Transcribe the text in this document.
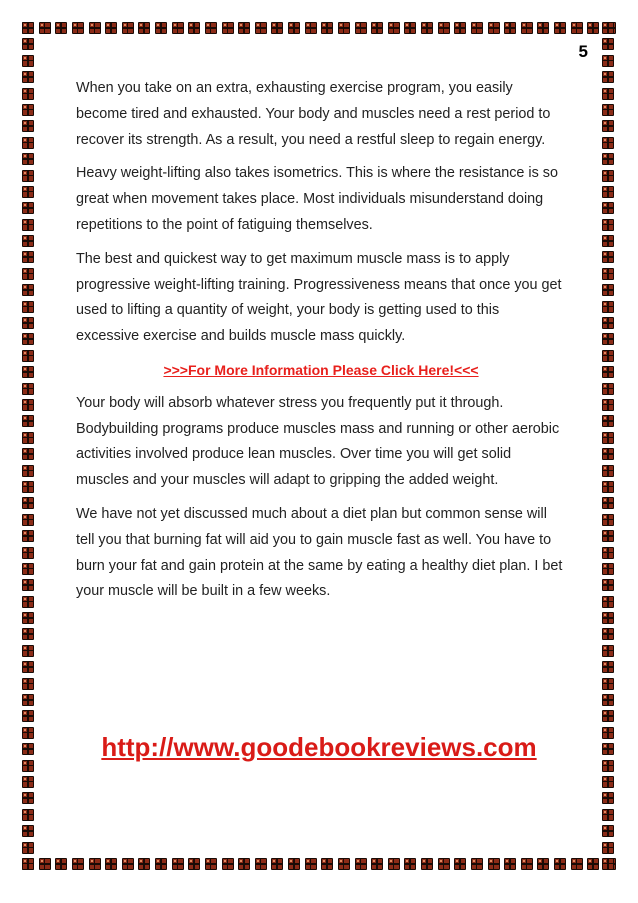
5

When you take on an extra, exhausting exercise program, you easily become tired and exhausted. Your body and muscles need a rest period to recover its strength. As a result, you need a restful sleep to regain energy.

Heavy weight-lifting also takes isometrics. This is where the resistance is so great when movement takes place. Most individuals misunderstand doing repetitions to the point of fatiguing themselves.

The best and quickest way to get maximum muscle mass is to apply progressive weight-lifting training. Progressiveness means that once you get used to lifting a quantity of weight, your body is getting used to this excessive exercise and builds muscle mass quickly.

>>>For More Information Please Click Here!<<<

Your body will absorb whatever stress you frequently put it through. Bodybuilding programs produce muscles mass and running or other aerobic activities involved produce lean muscles. Over time you will get solid muscles and your muscles will adapt to gripping the added weight.

We have not yet discussed much about a diet plan but common sense will tell you that burning fat will aid you to gain muscle fast as well. You have to burn your fat and gain protein at the same by eating a healthy diet plan. I bet your muscle will be built in a few weeks.

http://www.goodebookreviews.com
